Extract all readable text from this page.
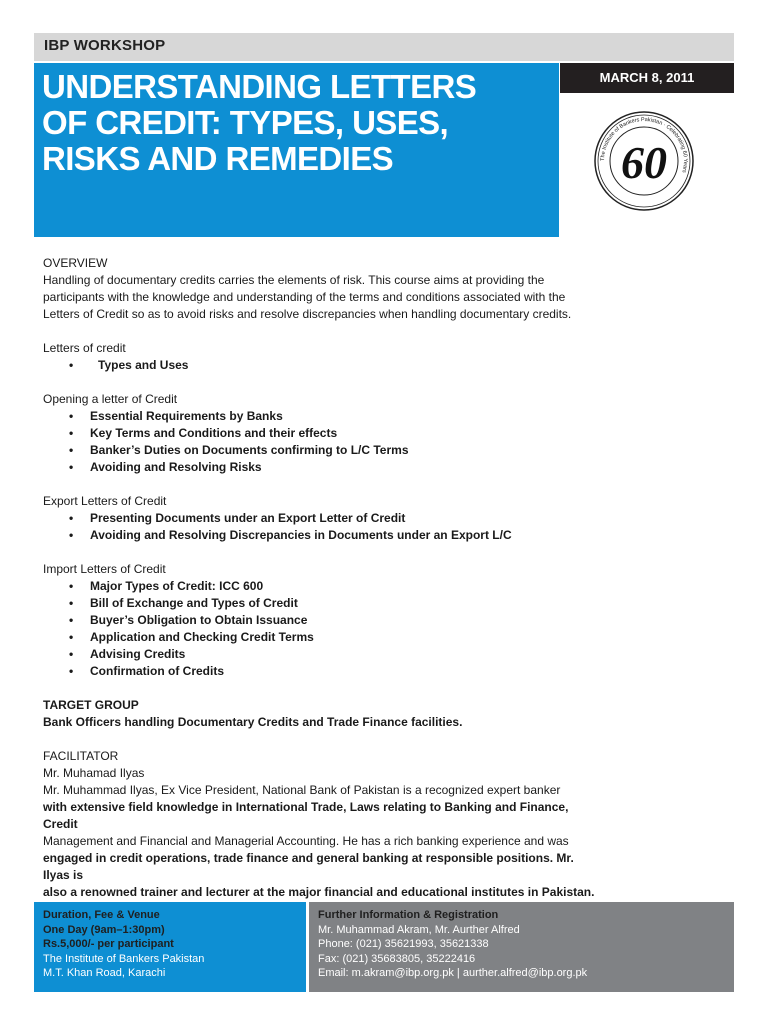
IBP WORKSHOP
UNDERSTANDING LETTERS
OF CREDIT: TYPES, USES,
RISKS AND REMEDIES
MARCH 8, 2011
The Institute of Bankers Pakistan · Celebrating 60 Years
60

OVERVIEW

Handling of documentary credits carries the elements of risk. This course aims at providing the

participants with the knowledge and understanding of the terms and conditions associated with the

Letters of Credit so as to avoid risks and resolve discrepancies when handling documentary credits.

Letters of credit

• Types and Uses

Opening a letter of Credit

• Essential Requirements by Banks
• Key Terms and Conditions and their effects
• Banker’s Duties on Documents confirming to L/C Terms
• Avoiding and Resolving Risks

Export Letters of Credit

• Presenting Documents under an Export Letter of Credit
• Avoiding and Resolving Discrepancies in Documents under an Export L/C

Import Letters of Credit

• Major Types of Credit: ICC 600
• Bill of Exchange and Types of Credit
• Buyer’s Obligation to Obtain Issuance
• Application and Checking Credit Terms
• Advising Credits
• Confirmation of Credits

TARGET GROUP

Bank Officers handling Documentary Credits and Trade Finance facilities.

FACILITATOR

Mr. Muhamad Ilyas

Mr. Muhammad Ilyas, Ex Vice President, National Bank of Pakistan is a recognized expert banker

with extensive field knowledge in International Trade, Laws relating to Banking and Finance, Credit

Management and Financial and Managerial Accounting. He has a rich banking experience and was

engaged in credit operations, trade finance and general banking at responsible positions. Mr. Ilyas is

also a renowned trainer and lecturer at the major financial and educational institutes in Pakistan.

Duration, Fee & Venue
One Day (9am–1:30pm)
Rs.5,000/- per participant
The Institute of Bankers Pakistan
M.T. Khan Road, Karachi
Further Information & Registration
Mr. Muhammad Akram, Mr. Aurther Alfred
Phone: (021) 35621993, 35621338
Fax: (021) 35683805, 35222416
Email: m.akram@ibp.org.pk | aurther.alfred@ibp.org.pk
